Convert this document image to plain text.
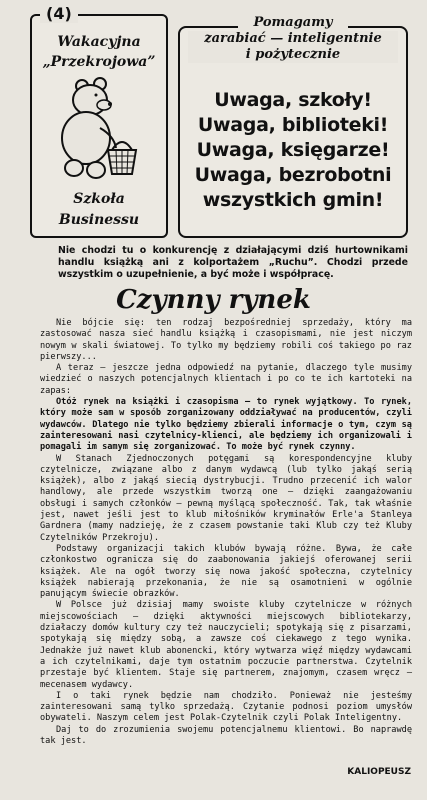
(4)
Wakacyjna
„Przekrojowa”
Szkoła
Businessu
Pomagamy
zarabiać — inteligentnie
i pożytecznie
Uwaga, szkoły!
Uwaga, biblioteki!
Uwaga, księgarze!
Uwaga, bezrobotni
wszystkich gmin!
Nie chodzi tu o konkurencję z działającymi dziś hurtownikami handlu książką ani z kolportażem „Ruchu”. Chodzi przede wszystkim o uzupełnienie, a być może i współpracę.
Czynny rynek

Nie bójcie się: ten rodzaj bezpośredniej sprzedaży, który ma zastosować nasza sieć handlu książką i czasopismami, nie jest niczym nowym w skali światowej. To tylko my będziemy robili coś takiego po raz pierwszy...

A teraz — jeszcze jedna odpowiedź na pytanie, dlaczego tyle musimy wiedzieć o naszych potencjalnych klientach i po co te ich kartoteki na zapas:

Otóż rynek na książki i czasopisma — to rynek wyjątkowy. To rynek, który może sam w sposób zorganizowany oddziaływać na producentów, czyli wydawców. Dlatego nie tylko będziemy zbierali informacje o tym, czym są zainteresowani nasi czytelnicy-klienci, ale będziemy ich organizowali i pomagali im samym się zorganizować. To może być rynek czynny.

W Stanach Zjednoczonych potęgami są korespondencyjne kluby czytelnicze, związane albo z danym wydawcą (lub tylko jakąś serią książek), albo z jakąś siecią dystrybucji. Trudno przecenić ich walor handlowy, ale przede wszystkim tworzą one — dzięki zaangażowaniu obsługi i samych członków — pewną myślącą społeczność. Tak, tak właśnie jest, nawet jeśli jest to klub miłośników kryminałów Erle'a Stanleya Gardnera (mamy nadzieję, że z czasem powstanie taki Klub czy też Kluby Czytelników Przekroju).

Podstawy organizacji takich klubów bywają różne. Bywa, że całe członkostwo ogranicza się do zaabonowania jakiejś oferowanej serii książek. Ale na ogół tworzy się nowa jakość społeczna, czytelnicy książek nabierają przekonania, że nie są osamotnieni w ogólnie panującym świecie obrazków.

W Polsce już dzisiaj mamy swoiste kluby czytelnicze w różnych miejscowościach — dzięki aktywności miejscowych bibliotekarzy, działaczy domów kultury czy też nauczycieli; spotykają się z pisarzami, spotykają się między sobą, a zawsze coś ciekawego z tego wynika. Jednakże już nawet klub abonencki, który wytwarza więź między wydawcami a ich czytelnikami, daje tym ostatnim poczucie partnerstwa. Czytelnik przestaje być klientem. Staje się partnerem, znajomym, czasem wręcz — mecenasem wydawcy.

I o taki rynek będzie nam chodziło. Ponieważ nie jesteśmy zainteresowani samą tylko sprzedażą. Czytanie podnosi poziom umysłów obywateli. Naszym celem jest Polak-Czytelnik czyli Polak Inteligentny.

Daj to do zrozumienia swojemu potencjalnemu klientowi. Bo naprawdę tak jest.

KALIOPEUSZ
